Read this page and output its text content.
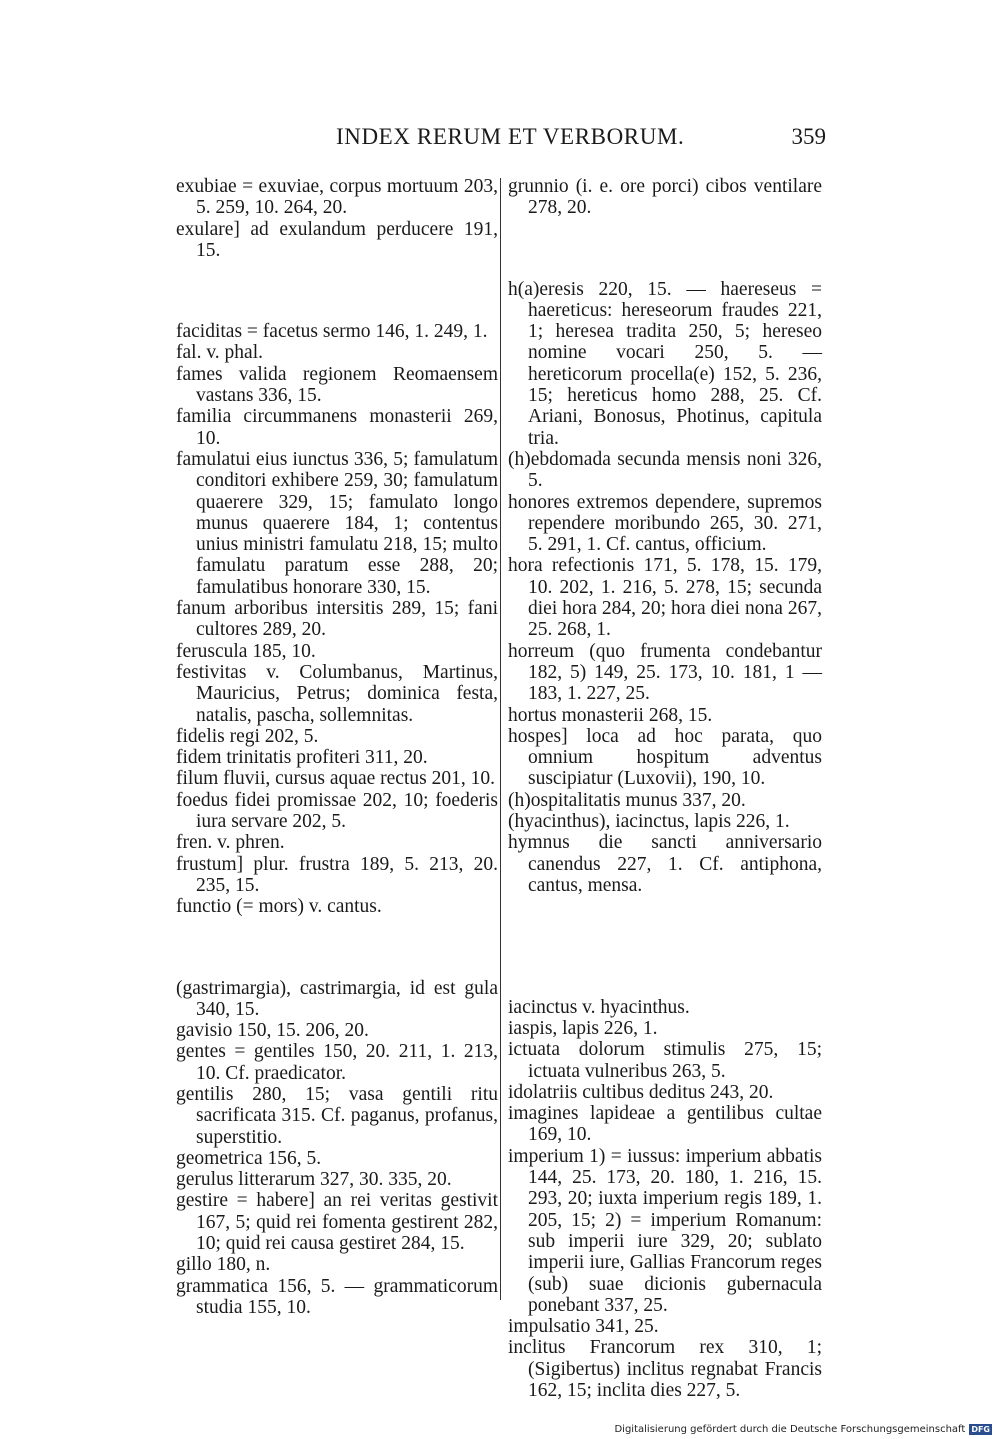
INDEX RERUM ET VERBORUM.	359

exubiae = exuviae, corpus mortuum 203, 5. 259, 10. 264, 20.

exulare] ad exulandum perducere 191, 15.

faciditas = facetus sermo 146, 1. 249, 1.

fal. v. phal.

fames valida regionem Reomaensem vastans 336, 15.

familia circummanens monasterii 269, 10.

famulatui eius iunctus 336, 5; famulatum conditori exhibere 259, 30; famulatum quaerere 329, 15; famulato longo munus quaerere 184, 1; contentus unius ministri famulatu 218, 15; multo famulatu paratum esse 288, 20; famulatibus honorare 330, 15.

fanum arboribus intersitis 289, 15; fani cultores 289, 20.

feruscula 185, 10.

festivitas v. Columbanus, Martinus, Mauricius, Petrus; dominica festa, natalis, pascha, sollemnitas.

fidelis regi 202, 5.

fidem trinitatis profiteri 311, 20.

filum fluvii, cursus aquae rectus 201, 10.

foedus fidei promissae 202, 10; foederis iura servare 202, 5.

fren. v. phren.

frustum] plur. frustra 189, 5. 213, 20. 235, 15.

functio (= mors) v. cantus.

(gastrimargia), castrimargia, id est gula 340, 15.

gavisio 150, 15. 206, 20.

gentes = gentiles 150, 20. 211, 1. 213, 10. Cf. praedicator.

gentilis 280, 15; vasa gentili ritu sacrificata 315. Cf. paganus, profanus, superstitio.

geometrica 156, 5.

gerulus litterarum 327, 30. 335, 20.

gestire = habere] an rei veritas gestivit 167, 5; quid rei fomenta gestirent 282, 10; quid rei causa gestiret 284, 15.

gillo 180, n.

grammatica 156, 5. — grammaticorum studia 155, 10.

grunnio (i. e. ore porci) cibos ventilare 278, 20.

h(a)eresis 220, 15. — haereseus = haereticus: hereseorum fraudes 221, 1; heresea tradita 250, 5; hereseo nomine vocari 250, 5. — hereticorum procella(e) 152, 5. 236, 15; hereticus homo 288, 25. Cf. Ariani, Bonosus, Photinus, capitula tria.

(h)ebdomada secunda mensis noni 326, 5.

honores extremos dependere, supremos rependere moribundo 265, 30. 271, 5. 291, 1. Cf. cantus, officium.

hora refectionis 171, 5. 178, 15. 179, 10. 202, 1. 216, 5. 278, 15; secunda diei hora 284, 20; hora diei nona 267, 25. 268, 1.

horreum (quo frumenta condebantur 182, 5) 149, 25. 173, 10. 181, 1 —183, 1. 227, 25.

hortus monasterii 268, 15.

hospes] loca ad hoc parata, quo omnium hospitum adventus suscipiatur (Luxovii), 190, 10.

(h)ospitalitatis munus 337, 20.

(hyacinthus), iacinctus, lapis 226, 1.

hymnus die sancti anniversario canendus 227, 1. Cf. antiphona, cantus, mensa.

iacinctus v. hyacinthus.

iaspis, lapis 226, 1.

ictuata dolorum stimulis 275, 15; ictuata vulneribus 263, 5.

idolatriis cultibus deditus 243, 20.

imagines lapideae a gentilibus cultae 169, 10.

imperium 1) = iussus: imperium abbatis 144, 25. 173, 20. 180, 1. 216, 15. 293, 20; iuxta imperium regis 189, 1. 205, 15; 2) = imperium Romanum: sub imperii iure 329, 20; sublato imperii iure, Gallias Francorum reges (sub) suae dicionis gubernacula ponebant 337, 25.

impulsatio 341, 25.

inclitus Francorum rex 310, 1; (Sigibertus) inclitus regnabat Francis 162, 15; inclita dies 227, 5.

Digitalisierung gefördert durch die Deutsche Forschungsgemeinschaft DFG
